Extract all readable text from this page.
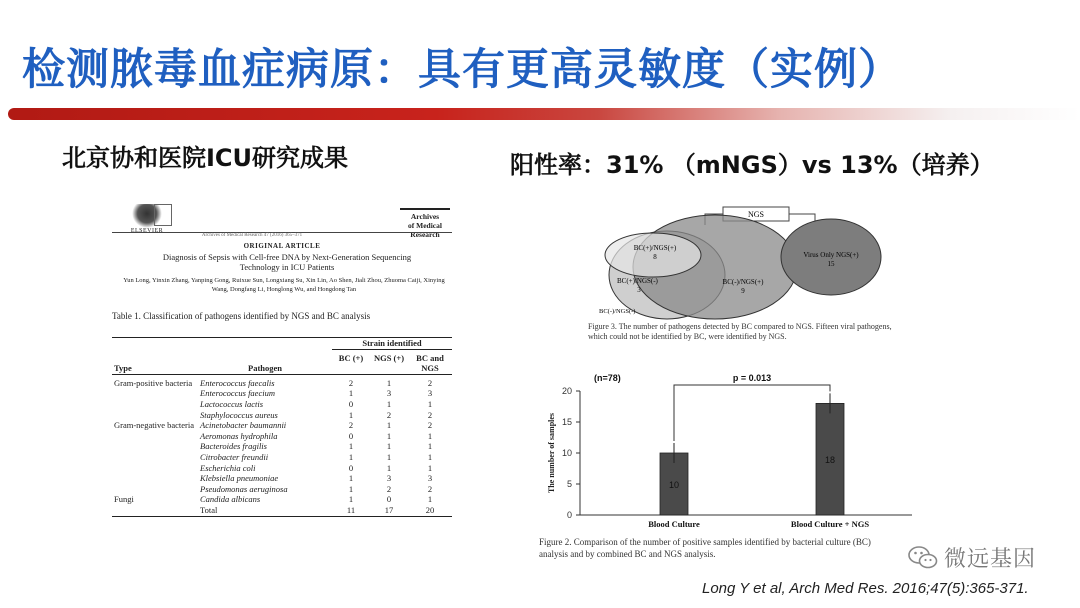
检测脓毒血症病原：具有更高灵敏度（实例）
北京协和医院ICU研究成果	阳性率：31% （mNGS）vs 13%（培养）
ELSEVIER
Archives
of Medical
Research
Archives of Medical Research 47 (2016) 365–371
ORIGINAL ARTICLE
Diagnosis of Sepsis with Cell-free DNA by Next-Generation Sequencing Technology in ICU Patients
Yun Long, Yinxin Zhang, Yanping Gong, Ruixue Sun, Longxiang Su, Xin Lin, Ao Shen, Jiali Zhou, Zhuoma Caiji, Xinying Wang, Dongfang Li, Honglong Wu, and Hongdong Tan
Table 1. Classification of pathogens identified by NGS and BC analysis
		Strain identified		
Type	Pathogen	BC (+)	NGS (+)	BC and NGS
Gram-positive bacteria	Enterococcus faecalis	2	1	2
	Enterococcus faecium	1	3	3
	Lactococcus lactis	0	1	1
	Staphylococcus aureus	1	2	2
Gram-negative bacteria	Acinetobacter baumannii	2	1	2
	Aeromonas hydrophila	0	1	1
	Bacteroides fragilis	1	1	1
	Citrobacter freundii	1	1	1
	Escherichia coli	0	1	1
	Klebsiella pneumoniae	1	3	3
	Pseudomonas aeruginosa	1	2	2
Fungi	Candida albicans	1	0	1
	Total	11	17	20
NGS
BC(+)/NGS(+)
8
BC(+)/NGS(-)
3
BC(-)/NGS(+)
9
Virus Only NGS(+)
15
BC(-)/NGS(-)
Figure 3. The number of pathogens detected by BC compared to NGS. Fifteen viral pathogens, which could not be identified by BC, were identified by NGS.
0
5
10
15
20
The number of samples	10
Blood Culture
18
Blood Culture + NGS
p = 0.013
(n=78)
Figure 2. Comparison of the number of positive samples identified by bacterial culture (BC) analysis and by combined BC and NGS analysis.	微远基因
Long Y et al, Arch Med Res. 2016;47(5):365-371.
